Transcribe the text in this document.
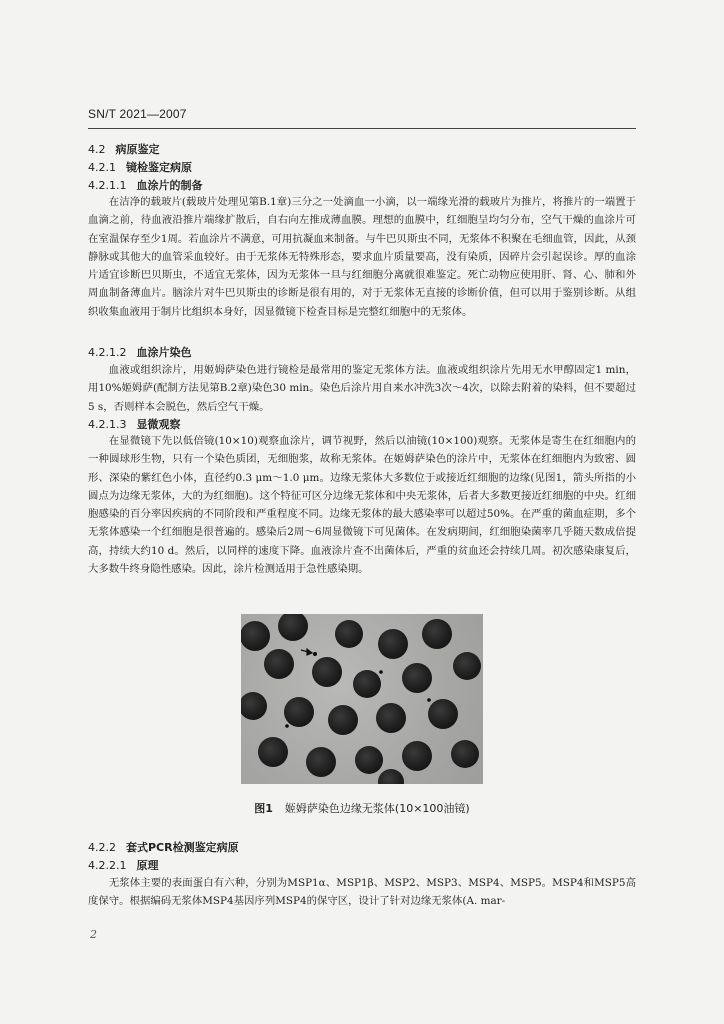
SN/T 2021—2007
4.2 病原鉴定
4.2.1 镜检鉴定病原
4.2.1.1 血涂片的制备

在洁净的载玻片(载玻片处理见第B.1章)三分之一处滴血一小滴，以一端缘光滑的载玻片为推片，将推片的一端置于血滴之前，待血液沿推片端缘扩散后，自右向左推成薄血膜。理想的血膜中，红细胞呈均匀分布，空气干燥的血涂片可在室温保存至少1周。若血涂片不满意，可用抗凝血来制备。与牛巴贝斯虫不同，无浆体不积聚在毛细血管，因此，从颈静脉或其他大的血管采血较好。由于无浆体无特殊形态，要求血片质量要高，没有染质，因碎片会引起误诊。厚的血涂片适宜诊断巴贝斯虫，不适宜无浆体，因为无浆体一旦与红细胞分离就很难鉴定。死亡动物应使用肝、肾、心、肺和外周血制备薄血片。脑涂片对牛巴贝斯虫的诊断是很有用的，对于无浆体无直接的诊断价值，但可以用于鉴别诊断。从组织收集血液用于制片比组织本身好，因显微镜下检查目标是完整红细胞中的无浆体。

4.2.1.2 血涂片染色

血液或组织涂片，用姬姆萨染色进行镜检是最常用的鉴定无浆体方法。血液或组织涂片先用无水甲醇固定1 min，用10%姬姆萨(配制方法见第B.2章)染色30 min。染色后涂片用自来水冲洗3次～4次，以除去附着的染料，但不要超过5 s，否则样本会脱色，然后空气干燥。

4.2.1.3 显微观察

在显微镜下先以低倍镜(10×10)观察血涂片，调节视野，然后以油镜(10×100)观察。无浆体是寄生在红细胞内的一种圆球形生物，只有一个染色质团，无细胞浆，故称无浆体。在姬姆萨染色的涂片中，无浆体在红细胞内为致密、圆形、深染的紫红色小体，直径约0.3 μm～1.0 μm。边缘无浆体大多数位于或接近红细胞的边缘(见图1，箭头所指的小圆点为边缘无浆体，大的为红细胞)。这个特征可区分边缘无浆体和中央无浆体，后者大多数更接近红细胞的中央。红细胞感染的百分率因疾病的不同阶段和严重程度不同。边缘无浆体的最大感染率可以超过50%。在严重的菌血症期，多个无浆体感染一个红细胞是很普遍的。感染后2周～6周显微镜下可见菌体。在发病期间，红细胞染菌率几乎随天数成倍提高，持续大约10 d。然后，以同样的速度下降。血液涂片查不出菌体后，严重的贫血还会持续几周。初次感染康复后，大多数牛终身隐性感染。因此，涂片检测适用于急性感染期。

图1 姬姆萨染色边缘无浆体(10×100油镜)
4.2.2 套式PCR检测鉴定病原
4.2.2.1 原理

无浆体主要的表面蛋白有六种，分别为MSP1α、MSP1β、MSP2、MSP3、MSP4、MSP5。MSP4和MSP5高度保守。根据编码无浆体MSP4基因序列MSP4的保守区，设计了针对边缘无浆体(A. mar-

2
